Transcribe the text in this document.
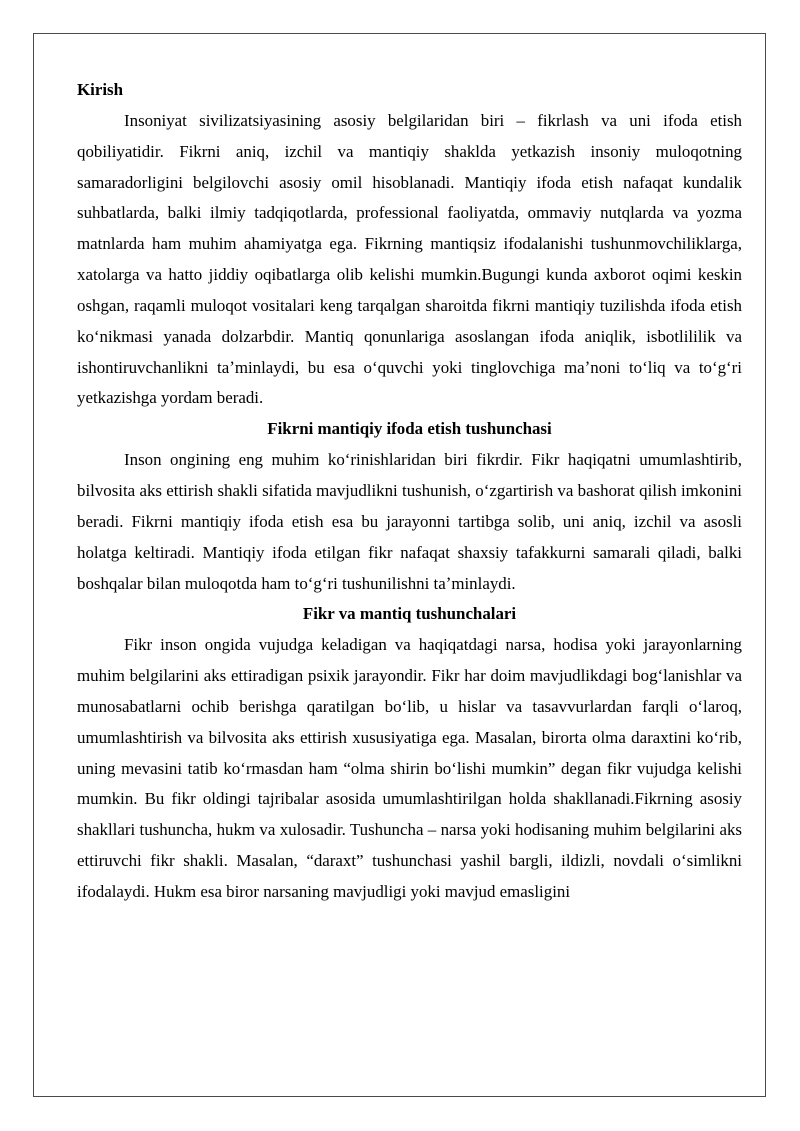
Kirish

Insoniyat sivilizatsiyasining asosiy belgilaridan biri – fikrlash va uni ifoda etish qobiliyatidir. Fikrni aniq, izchil va mantiqiy shaklda yetkazish insoniy muloqotning samaradorligini belgilovchi asosiy omil hisoblanadi. Mantiqiy ifoda etish nafaqat kundalik suhbatlarda, balki ilmiy tadqiqotlarda, professional faoliyatda, ommaviy nutqlarda va yozma matnlarda ham muhim ahamiyatga ega. Fikrning mantiqsiz ifodalanishi tushunmovchiliklarga, xatolarga va hatto jiddiy oqibatlarga olib kelishi mumkin.Bugungi kunda axborot oqimi keskin oshgan, raqamli muloqot vositalari keng tarqalgan sharoitda fikrni mantiqiy tuzilishda ifoda etish koʻnikmasi yanada dolzarbdir. Mantiq qonunlariga asoslangan ifoda aniqlik, isbotlililik va ishontiruvchanlikni taʼminlaydi, bu esa oʻquvchi yoki tinglovchiga maʼnoni toʻliq va toʻgʻri yetkazishga yordam beradi.

Fikrni mantiqiy ifoda etish tushunchasi

Inson ongining eng muhim koʻrinishlaridan biri fikrdir. Fikr haqiqatni umumlashtirib, bilvosita aks ettirish shakli sifatida mavjudlikni tushunish, oʻzgartirish va bashorat qilish imkonini beradi. Fikrni mantiqiy ifoda etish esa bu jarayonni tartibga solib, uni aniq, izchil va asosli holatga keltiradi. Mantiqiy ifoda etilgan fikr nafaqat shaxsiy tafakkurni samarali qiladi, balki boshqalar bilan muloqotda ham toʻgʻri tushunilishni taʼminlaydi.

Fikr va mantiq tushunchalari

Fikr inson ongida vujudga keladigan va haqiqatdagi narsa, hodisa yoki jarayonlarning muhim belgilarini aks ettiradigan psixik jarayondir. Fikr har doim mavjudlikdagi bogʻlanishlar va munosabatlarni ochib berishga qaratilgan boʻlib, u hislar va tasavvurlardan farqli oʻlaroq, umumlashtirish va bilvosita aks ettirish xususiyatiga ega. Masalan, birorta olma daraxtini koʻrib, uning mevasini tatib koʻrmasdan ham “olma shirin boʻlishi mumkin” degan fikr vujudga kelishi mumkin. Bu fikr oldingi tajribalar asosida umumlashtirilgan holda shakllanadi.Fikrning asosiy shakllari tushuncha, hukm va xulosadir. Tushuncha – narsa yoki hodisaning muhim belgilarini aks ettiruvchi fikr shakli. Masalan, “daraxt” tushunchasi yashil bargli, ildizli, novdali oʻsimlikni ifodalaydi. Hukm esa biror narsaning mavjudligi yoki mavjud emasligini
